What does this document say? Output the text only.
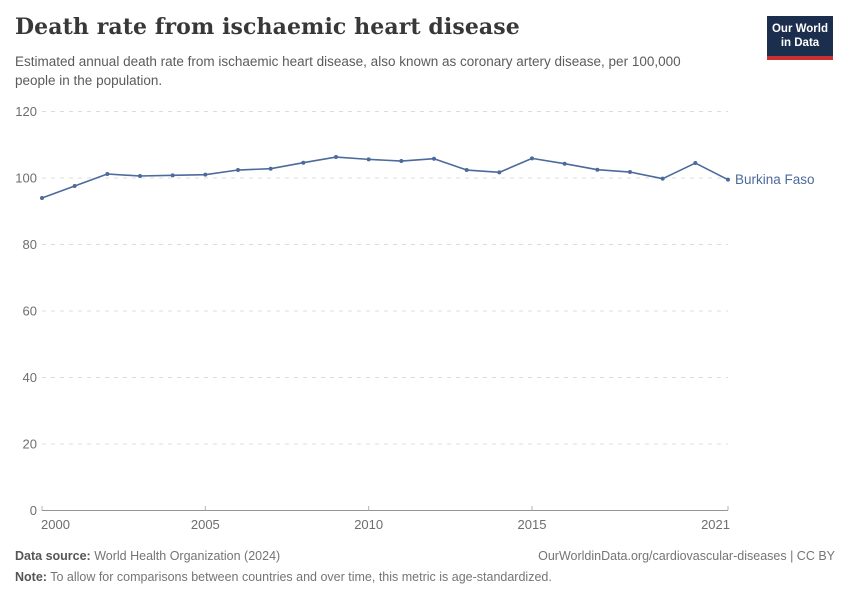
Death rate from ischaemic heart disease	Our World
in Data

Estimated annual death rate from ischaemic heart disease, also known as coronary artery disease, per 100,000 people in the population.

0
20
40
60
80
100
120
2000	2005	2010	2015	2021
Burkina Faso
Data source: World Health Organization (2024)	OurWorldinData.org/cardiovascular-diseases | CC BY
Note: To allow for comparisons between countries and over time, this metric is age-standardized.
